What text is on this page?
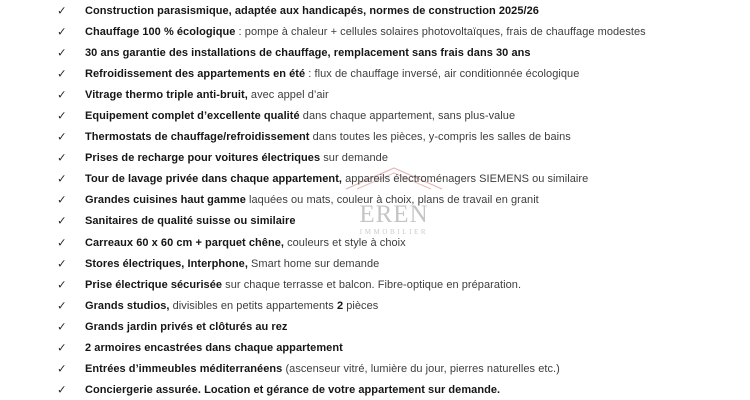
EREN
IMMOBILIER
✓ Construction parasismique, adaptée aux handicapés, normes de construction 2025/26
✓ Chauffage 100 % écologique : pompe à chaleur + cellules solaires photovoltaïques, frais de chauffage modestes
✓ 30 ans garantie des installations de chauffage, remplacement sans frais dans 30 ans
✓ Refroidissement des appartements en été : flux de chauffage inversé, air conditionnée écologique
✓ Vitrage thermo triple anti-bruit, avec appel d’air
✓ Equipement complet d’excellente qualité dans chaque appartement, sans plus-value
✓ Thermostats de chauffage/refroidissement dans toutes les pièces, y-compris les salles de bains
✓ Prises de recharge pour voitures électriques sur demande
✓ Tour de lavage privée dans chaque appartement, appareils électroménagers SIEMENS ou similaire
✓ Grandes cuisines haut gamme laquées ou mats, couleur à choix, plans de travail en granit
✓ Sanitaires de qualité suisse ou similaire
✓ Carreaux 60 x 60 cm + parquet chêne, couleurs et style à choix
✓ Stores électriques, Interphone, Smart home sur demande
✓ Prise électrique sécurisée sur chaque terrasse et balcon. Fibre-optique en préparation.
✓ Grands studios, divisibles en petits appartements 2 pièces
✓ Grands jardin privés et clôturés au rez
✓ 2 armoires encastrées dans chaque appartement
✓ Entrées d’immeubles méditerranéens (ascenseur vitré, lumière du jour, pierres naturelles etc.)
✓ Conciergerie assurée. Location et gérance de votre appartement sur demande.
